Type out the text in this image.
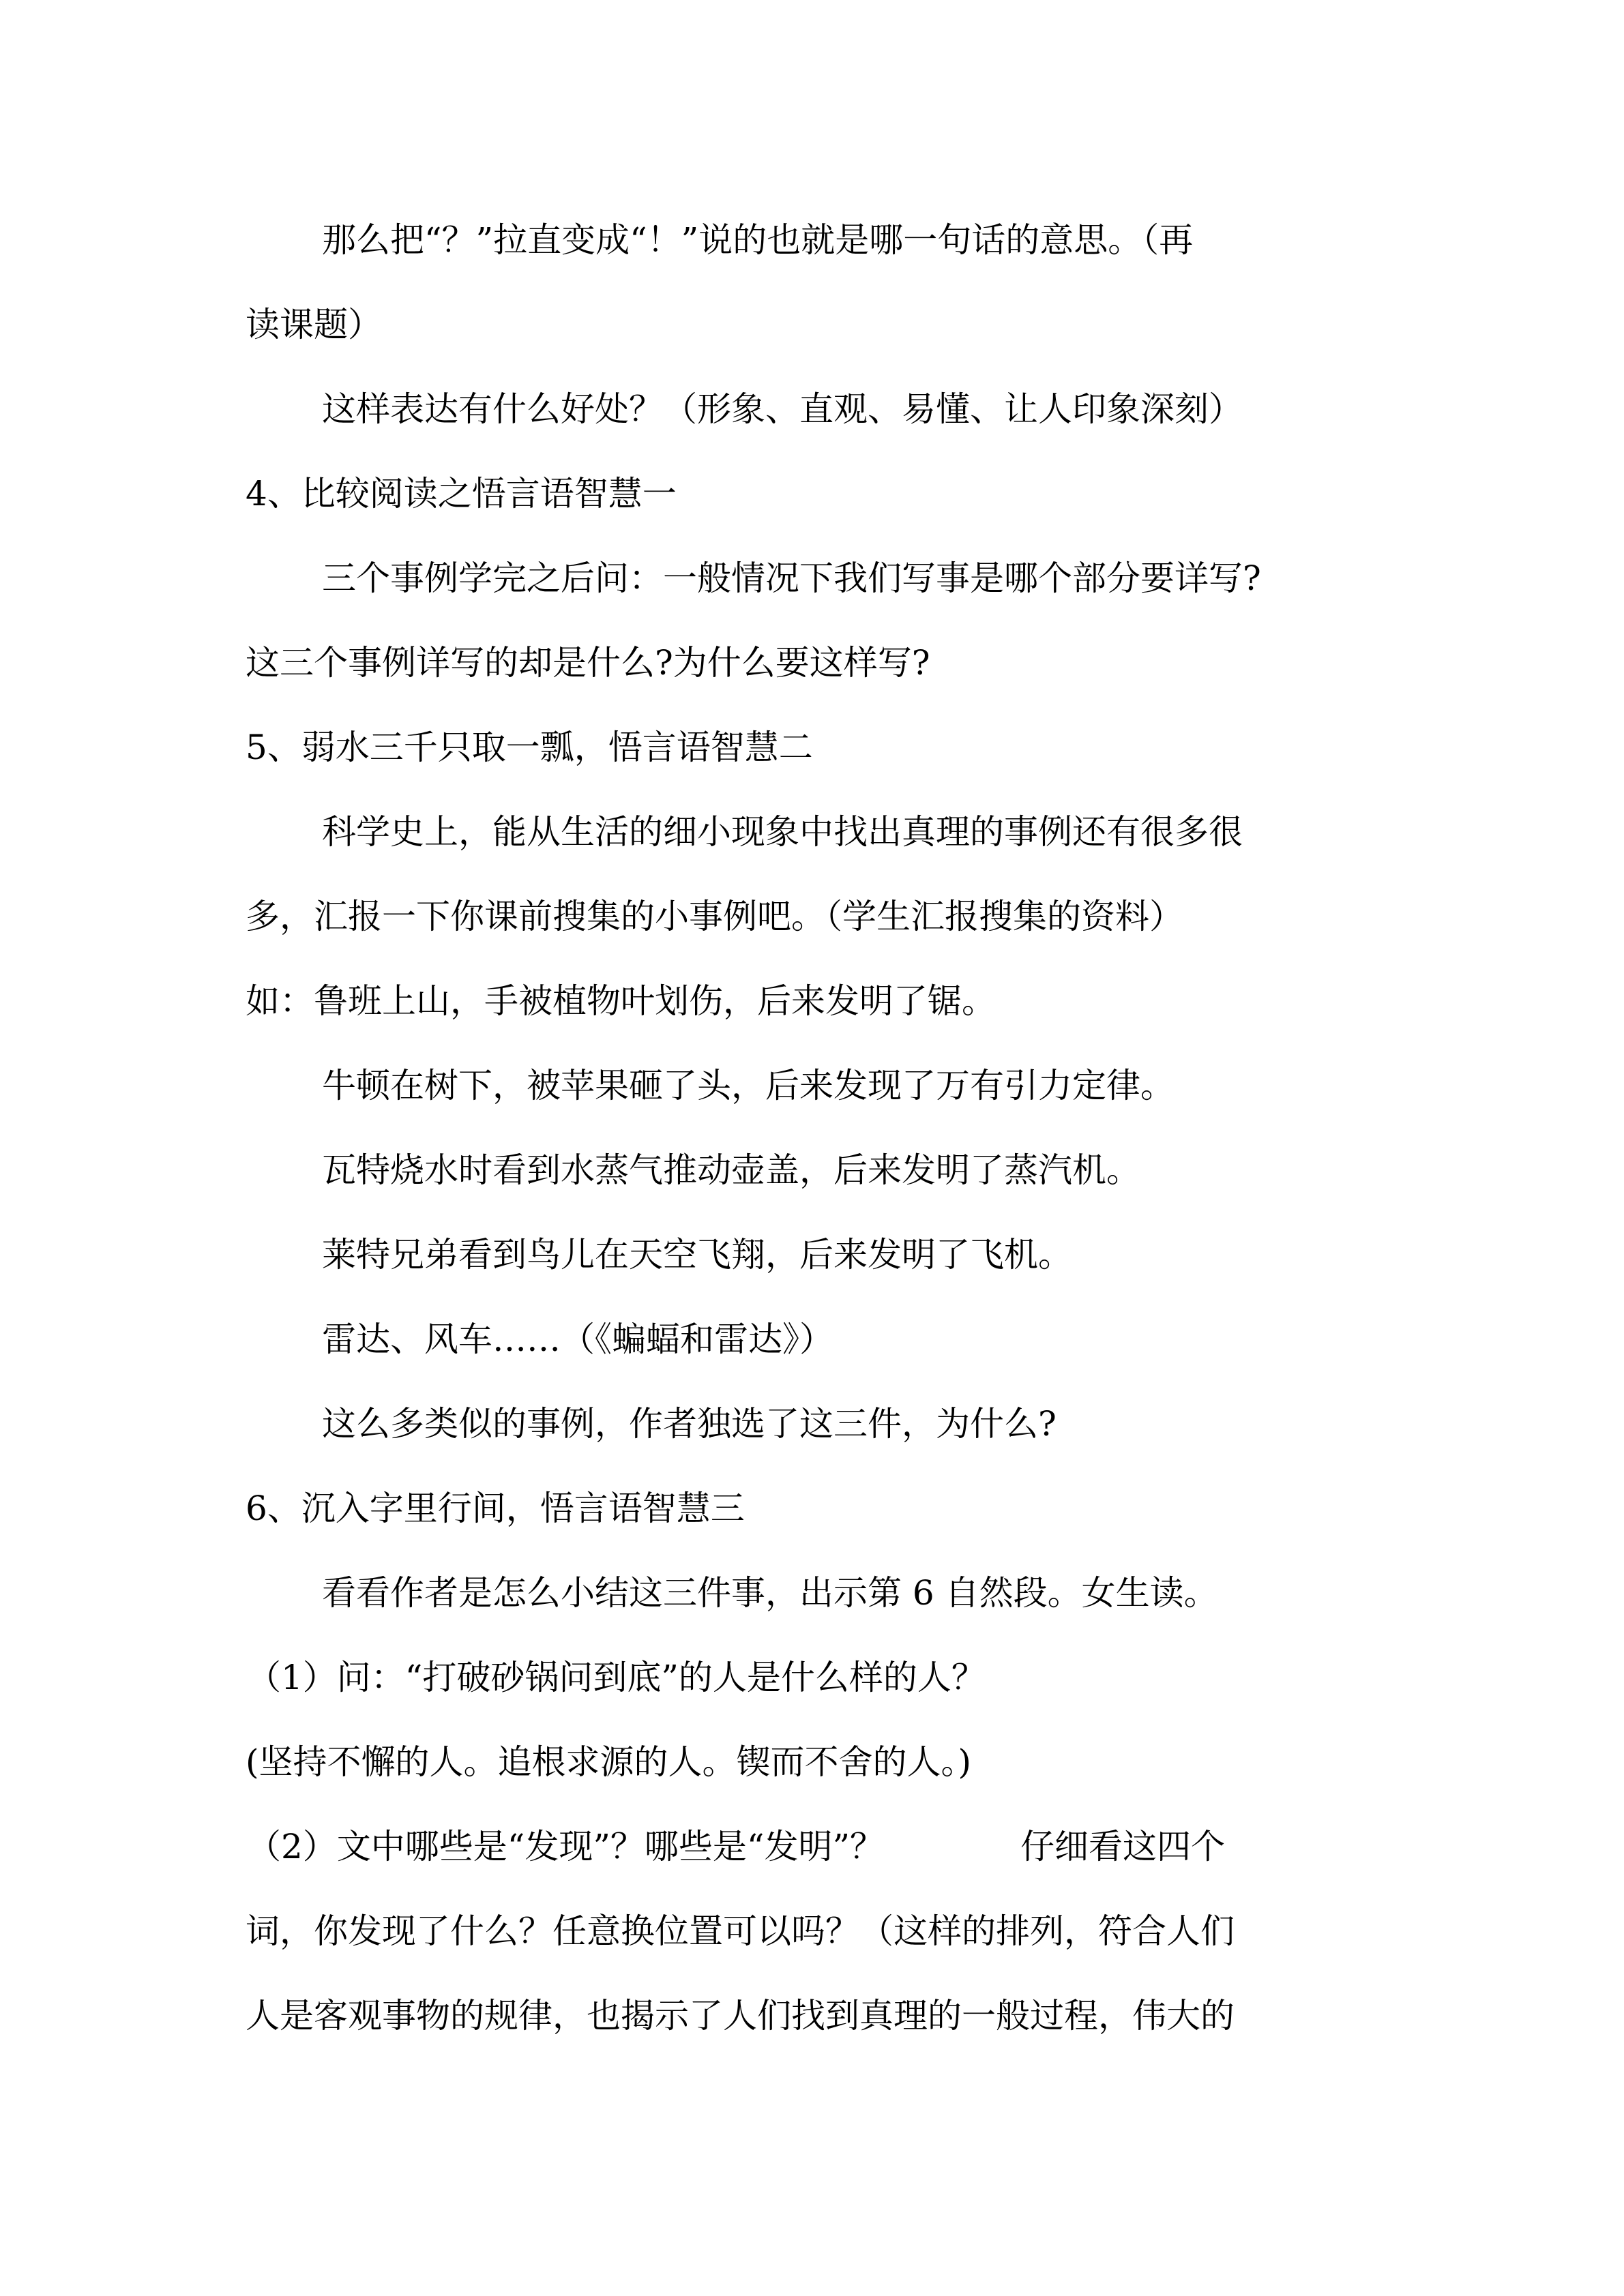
那么把“？”拉直变成“！”说的也就是哪一句话的意思。（再
读课题）
这样表达有什么好处？（形象、直观、易懂、让人印象深刻）
4、比较阅读之悟言语智慧一
三个事例学完之后问：一般情况下我们写事是哪个部分要详写?
这三个事例详写的却是什么?为什么要这样写?
5、弱水三千只取一瓢，悟言语智慧二
科学史上，能从生活的细小现象中找出真理的事例还有很多很
多，汇报一下你课前搜集的小事例吧。（学生汇报搜集的资料）
如：鲁班上山，手被植物叶划伤，后来发明了锯。
牛顿在树下，被苹果砸了头，后来发现了万有引力定律。
瓦特烧水时看到水蒸气推动壶盖，后来发明了蒸汽机。
莱特兄弟看到鸟儿在天空飞翔，后来发明了飞机。
雷达、风车……（《蝙蝠和雷达》）
这么多类似的事例，作者独选了这三件，为什么?
6、沉入字里行间，悟言语智慧三
看看作者是怎么小结这三件事，出示第 6 自然段。女生读。
（1）问：“打破砂锅问到底”的人是什么样的人？
(坚持不懈的人。追根求源的人。锲而不舍的人。)
（2）文中哪些是“发现”？哪些是“发明”？	仔细看这四个
词，你发现了什么？任意换位置可以吗？（这样的排列，符合人们
人是客观事物的规律，也揭示了人们找到真理的一般过程，伟大的
